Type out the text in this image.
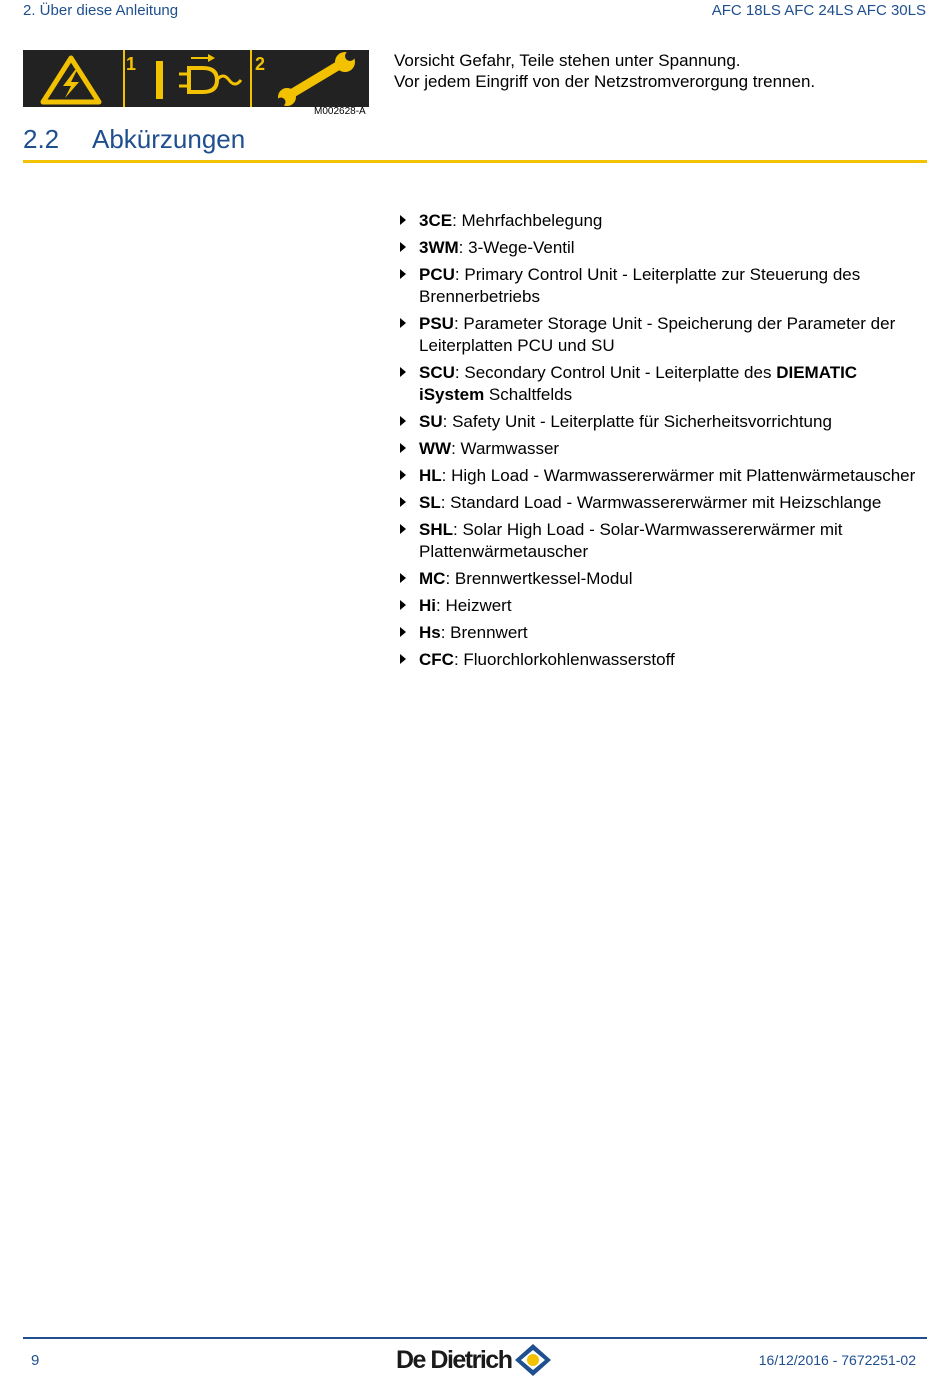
2. Über diese Anleitung	AFC 18LS AFC 24LS AFC 30LS
1	2
M002628-A
Vorsicht Gefahr, Teile stehen unter Spannung.
Vor jedem Eingriff von der Netzstromverorgung trennen.
2.2 Abkürzungen
3CE: Mehrfachbelegung
3WM: 3-Wege-Ventil
PCU: Primary Control Unit - Leiterplatte zur Steuerung des Brennerbetriebs
PSU: Parameter Storage Unit - Speicherung der Parameter der Leiterplatten PCU und SU
SCU: Secondary Control Unit - Leiterplatte des DIEMATIC iSystem Schaltfelds
SU: Safety Unit - Leiterplatte für Sicherheitsvorrichtung
WW: Warmwasser
HL: High Load - Warmwassererwärmer mit Plattenwärmetauscher
SL: Standard Load - Warmwassererwärmer mit Heizschlange
SHL: Solar High Load - Solar-Warmwassererwärmer mit Plattenwärmetauscher
MC: Brennwertkessel-Modul
Hi: Heizwert
Hs: Brennwert
CFC: Fluorchlorkohlenwasserstoff
9	De Dietrich	16/12/2016 - 7672251-02
